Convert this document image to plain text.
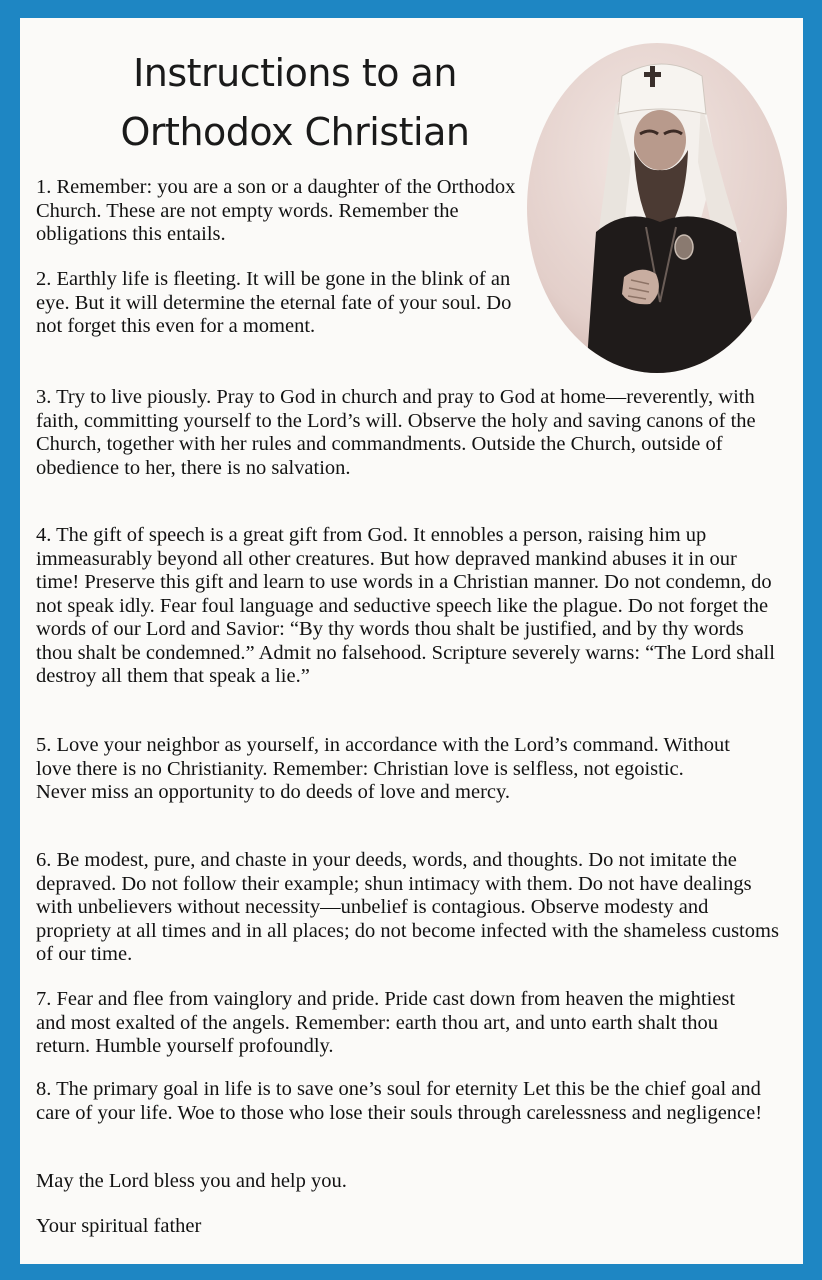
Instructions to an
Orthodox Christian

1. Remember: you are a son or a daughter of the Orthodox Church. These are not empty words. Remember the obligations this entails.

2. Earthly life is fleeting. It will be gone in the blink of an eye. But it will determine the eternal fate of your soul. Do not forget this even for a moment.

3. Try to live piously. Pray to God in church and pray to God at home—reverently, with faith, committing yourself to the Lord’s will. Observe the holy and saving canons of the Church, together with her rules and commandments. Outside the Church, outside of obedience to her, there is no salvation.

4. The gift of speech is a great gift from God. It ennobles a person, raising him up immeasurably beyond all other creatures. But how depraved mankind abuses it in our time! Preserve this gift and learn to use words in a Christian manner. Do not condemn, do not speak idly. Fear foul language and seductive speech like the plague. Do not forget the words of our Lord and Savior: “By thy words thou shalt be justified, and by thy words thou shalt be condemned.” Admit no falsehood. Scripture severely warns: “The Lord shall destroy all them that speak a lie.”

5. Love your neighbor as yourself, in accordance with the Lord’s command. Without love there is no Christianity. Remember: Christian love is selfless, not egoistic. Never miss an opportunity to do deeds of love and mercy.

6. Be modest, pure, and chaste in your deeds, words, and thoughts. Do not imitate the depraved. Do not follow their example; shun intimacy with them. Do not have dealings with unbelievers without necessity—unbelief is contagious. Observe modesty and propriety at all times and in all places; do not become infected with the shameless customs of our time.

7. Fear and flee from vainglory and pride. Pride cast down from heaven the mightiest and most exalted of the angels. Remember: earth thou art, and unto earth shalt thou return. Humble yourself profoundly.

8. The primary goal in life is to save one’s soul for eternity Let this be the chief goal and care of your life. Woe to those who lose their souls through carelessness and negligence!

May the Lord bless you and help you.

Your spiritual father
